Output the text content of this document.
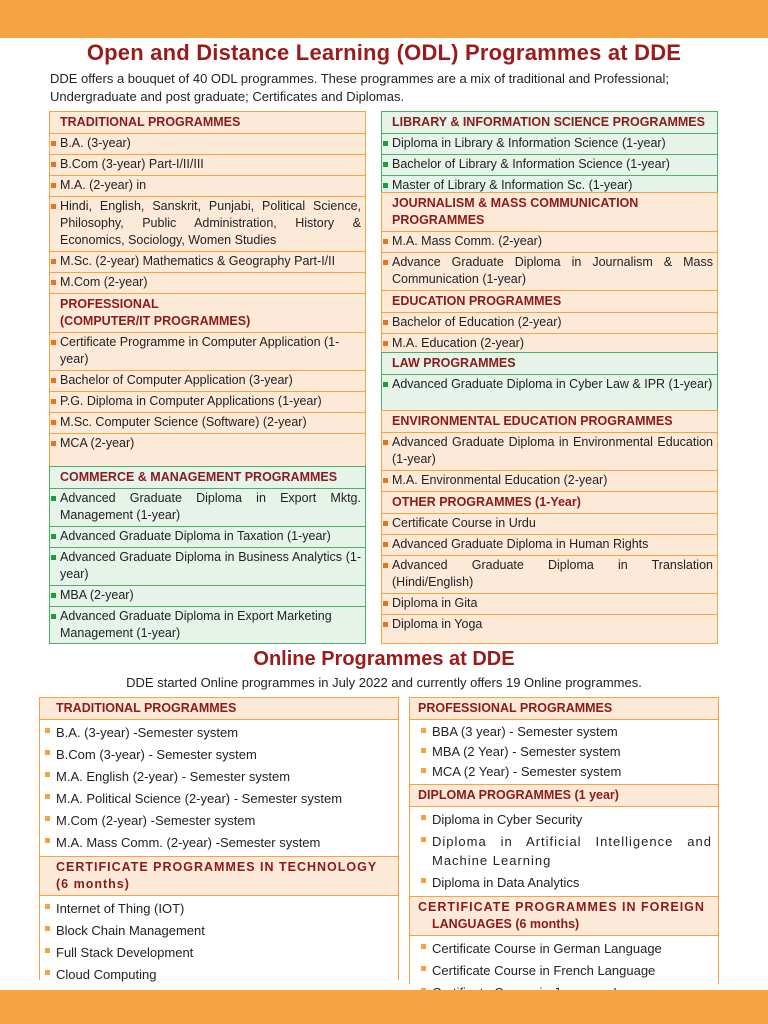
Open and Distance Learning (ODL) Programmes at DDE

DDE offers a bouquet of 40 ODL programmes. These programmes are a mix of traditional and Professional; Undergraduate and post graduate; Certificates and Diplomas.

TRADITIONAL PROGRAMMES
B.A. (3-year)
B.Com (3-year) Part-I/II/III
M.A. (2-year) in
Hindi, English, Sanskrit, Punjabi, Political Science, Philosophy, Public Administration, History & Economics, Sociology, Women Studies
M.Sc. (2-year) Mathematics & Geography Part-I/II
M.Com (2-year)
PROFESSIONAL
(COMPUTER/IT PROGRAMMES)
Certificate Programme in Computer Application (1-year)
Bachelor of Computer Application (3-year)
P.G. Diploma in Computer Applications (1-year)
M.Sc. Computer Science (Software) (2-year)
MCA (2-year)
COMMERCE & MANAGEMENT PROGRAMMES
Advanced Graduate Diploma in Export Mktg. Management (1-year)
Advanced Graduate Diploma in Taxation (1-year)
Advanced Graduate Diploma in Business Analytics (1-year)
MBA (2-year)
Advanced Graduate Diploma in Export Marketing Management (1-year)
LIBRARY & INFORMATION SCIENCE PROGRAMMES
Diploma in Library & Information Science (1-year)
Bachelor of Library & Information Science (1-year)
Master of Library & Information Sc. (1-year)
JOURNALISM & MASS COMMUNICATION PROGRAMMES
M.A. Mass Comm. (2-year)
Advance Graduate Diploma in Journalism & Mass Communication (1-year)
EDUCATION PROGRAMMES
Bachelor of Education (2-year)
M.A. Education (2-year)
LAW PROGRAMMES
Advanced Graduate Diploma in Cyber Law & IPR (1-year)
ENVIRONMENTAL EDUCATION PROGRAMMES
Advanced Graduate Diploma in Environmental Education (1-year)
M.A. Environmental Education (2-year)
OTHER PROGRAMMES (1-Year)
Certificate Course in Urdu
Advanced Graduate Diploma in Human Rights
Advanced Graduate Diploma in Translation (Hindi/English)
Diploma in Gita
Diploma in Yoga
Online Programmes at DDE

DDE started Online programmes in July 2022 and currently offers 19 Online programmes.

TRADITIONAL PROGRAMMES
B.A. (3-year) -Semester system
B.Com (3-year) - Semester system
M.A. English (2-year) - Semester system
M.A. Political Science (2-year) - Semester system
M.Com (2-year) -Semester system
M.A. Mass Comm. (2-year) -Semester system
CERTIFICATE PROGRAMMES IN TECHNOLOGY (6 months)
Internet of Thing (IOT)
Block Chain Management
Full Stack Development
Cloud Computing
PROFESSIONAL PROGRAMMES
BBA (3 year) - Semester system
MBA (2 Year) - Semester system
MCA (2 Year) - Semester system
DIPLOMA PROGRAMMES (1 year)
Diploma in Cyber Security
Diploma in Artificial Intelligence and Machine Learning
Diploma in Data Analytics
CERTIFICATE PROGRAMMES IN FOREIGN
LANGUAGES (6 months)
Certificate Course in German Language
Certificate Course in French Language
